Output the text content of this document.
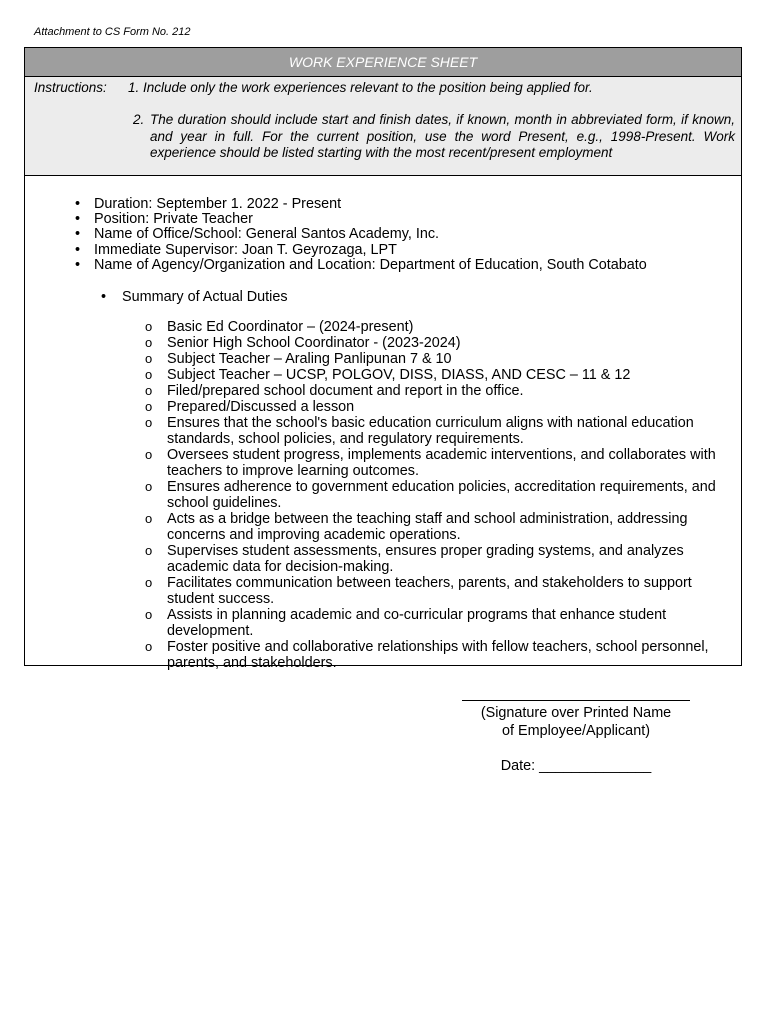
Attachment to CS Form No. 212
WORK EXPERIENCE SHEET
Instructions: 1. Include only the work experiences relevant to the position being applied for.
2. The duration should include start and finish dates, if known, month in abbreviated form, if known, and year in full. For the current position, use the word Present, e.g., 1998-Present. Work experience should be listed starting with the most recent/present employment
• Duration: September 1. 2022 - Present
• Position: Private Teacher
• Name of Office/School: General Santos Academy, Inc.
• Immediate Supervisor: Joan T. Geyrozaga, LPT
• Name of Agency/Organization and Location: Department of Education, South Cotabato
• Summary of Actual Duties
o Basic Ed Coordinator – (2024-present)
o Senior High School Coordinator - (2023-2024)
o Subject Teacher – Araling Panlipunan 7 & 10
o Subject Teacher – UCSP, POLGOV, DISS, DIASS, AND CESC – 11 & 12
o Filed/prepared school document and report in the office.
o Prepared/Discussed a lesson
o Ensures that the school's basic education curriculum aligns with national education standards, school policies, and regulatory requirements.
o Oversees student progress, implements academic interventions, and collaborates with teachers to improve learning outcomes.
o Ensures adherence to government education policies, accreditation requirements, and school guidelines.
o Acts as a bridge between the teaching staff and school administration, addressing concerns and improving academic operations.
o Supervises student assessments, ensures proper grading systems, and analyzes academic data for decision-making.
o Facilitates communication between teachers, parents, and stakeholders to support student success.
o Assists in planning academic and co-curricular programs that enhance student development.
o Foster positive and collaborative relationships with fellow teachers, school personnel, parents, and stakeholders.
(Signature over Printed Name
of Employee/Applicant)
Date: ______________
